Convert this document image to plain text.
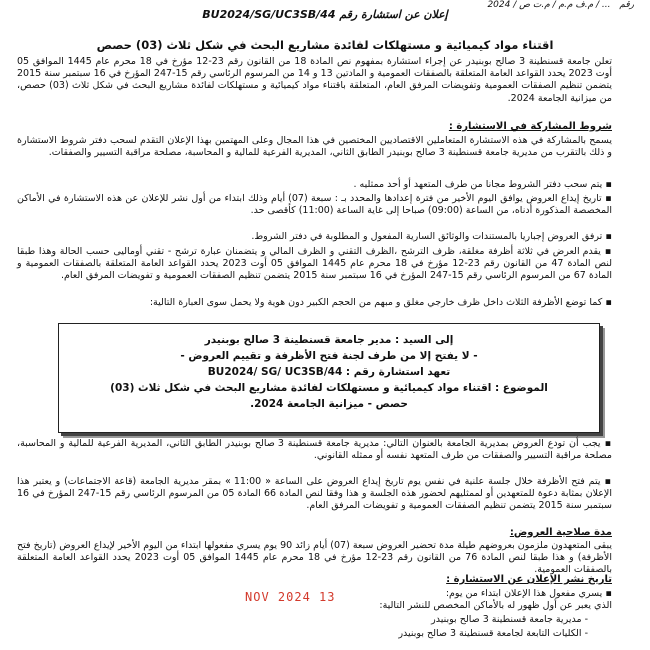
رقم ... / م.ف م.م / م.ت ص / 2024
إعلان عن استشارة رقم BU2024/SG/UC3SB/44
اقتناء مواد كيميائية و مستهلكات لفائدة مشاريع البحث في شكل ثلاث (03) حصص
تعلن جامعة قسنطينة 3 صالح بوبنيدر عن إجراء استشارة بمفهوم نص المادة 18 من القانون رقم 23-12 مؤرخ في 18 محرم عام 1445 الموافق 05 أوت 2023 يحدد القواعد العامة المتعلقة بالصفقات العمومية و المادتين 13 و 14 من المرسوم الرئاسي رقم 15-247 المؤرخ في 16 سبتمبر سنة 2015 يتضمن تنظيم الصفقات العمومية وتفويضات المرفق العام، المتعلقة باقتناء مواد كيميائية و مستهلكات لفائدة مشاريع البحث في شكل ثلاث (03) حصص، من ميزانية الجامعة 2024.
شروط المشاركة في الاستشارة :
يسمح بالمشاركة في هذه الاستشارة المتعاملين الاقتصاديين المختصين في هذا المجال وعلى المهتمين بهذا الإعلان التقدم لسحب دفتر شروط الاستشارة و ذلك بالتقرب من مديرية جامعة قسنطينة 3 صالح بوبنيدر الطابق الثاني، المديرية الفرعية للمالية و المحاسبة، مصلحة مراقبة التسيير والصفقات.
▪ يتم سحب دفتر الشروط مجانا من طرف المتعهد أو أحد ممثليه .
▪ تاريخ إيداع العروض يوافق اليوم الأخير من فترة إعدادها والمحدد بـ : سبعة (07) أيام وذلك ابتداء من أول نشر للإعلان عن هذه الاستشارة في الأماكن المخصصة المذكورة أدناه، من الساعة (09:00) صباحا إلى غاية الساعة (11:00) كأقصى حد.
▪ ترفق العروض إجباريا بالمستندات والوثائق السارية المفعول و المطلوبة في دفتر الشروط.
▪ يقدم العرض في ثلاثة أظرفة مغلقة، ظرف الترشح ،الظرف التقني و الظرف المالي و يتضمنان عبارة ترشح - تقني أوماليى حسب الحالة وهذا طبقا لنص المادة 47 من القانون رقم 23-12 مؤرخ في 18 محرم عام 1445 الموافق 05 أوت 2023 يحدد القواعد العامة المتعلقة بالصفقات العمومية و المادة 67 من المرسوم الرئاسي رقم 15-247 المؤرخ في 16 سبتمبر سنة 2015 يتضمن تنظيم الصفقات العمومية و تفويضات المرفق العام.
▪ كما توضع الأظرفة الثلاث داخل ظرف خارجي مغلق و مبهم من الحجم الكبير دون هوية ولا يحمل سوى العبارة التالية:
إلى السيد : مدير جامعة قسنطينة 3 صالح بوبنيدر
- لا يفتح إلا من طرف لجنة فتح الأظرفة و تقييم العروض -
تعهد استشارة رقم : BU2024/ SG/ UC3SB/44
الموضوع : اقتناء مواد كيميائية و مستهلكات لفائدة مشاريع البحث في شكل ثلاث (03)
حصص - ميزانية الجامعة 2024.
▪ يجب أن تودع العروض بمديرية الجامعة بالعنوان التالي: مديرية جامعة قسنطينة 3 صالح بوبنيدر الطابق الثاني، المديرية الفرعية للمالية و المحاسبة، مصلحة مراقبة التسيير والصفقات من طرف المتعهد نفسه أو ممثله القانوني.
▪ يتم فتح الأظرفة خلال جلسة علنية في نفس يوم تاريخ إيداع العروض على الساعة « 11:00 » بمقر مديرية الجامعة (قاعة الاجتماعات) و يعتبر هذا الإعلان بمثابة دعوة للمتعهدين أو لممثليهم لحضور هذه الجلسة و هذا وفقا لنص المادة 66 المادة 05 من المرسوم الرئاسي رقم 15-247 المؤرخ في 16 سبتمبر سنة 2015 يتضمن تنظيم الصفقات العمومية و تفويضات المرفق العام.
مدة صلاحية العروض:
يبقى المتعهدون ملزمون بعروضهم طيلة مدة تحضير العروض سبعة (07) أيام زائد 90 يوم يسري مفعولها ابتداء من اليوم الأخير لإيداع العروض (تاريخ فتح الأظرفة) و هذا طبقا لنص المادة 76 من القانون رقم 23-12 مؤرخ في 18 محرم عام 1445 الموافق 05 أوت 2023 يحدد القواعد العامة المتعلقة بالصفقات العمومية.
تاريخ نشر الإعلان عن الاستشارة :
▪ يسري مفعول هذا الإعلان ابتداء من يوم:
13 NOV 2024
الذي يعبر عن أول ظهور له بالأماكن المخصص للنشر التالية:
- مديرية جامعة قسنطينة 3 صالح بوبنيدر
- الكليات التابعة لجامعة قسنطينة 3 صالح بوبنيدر
